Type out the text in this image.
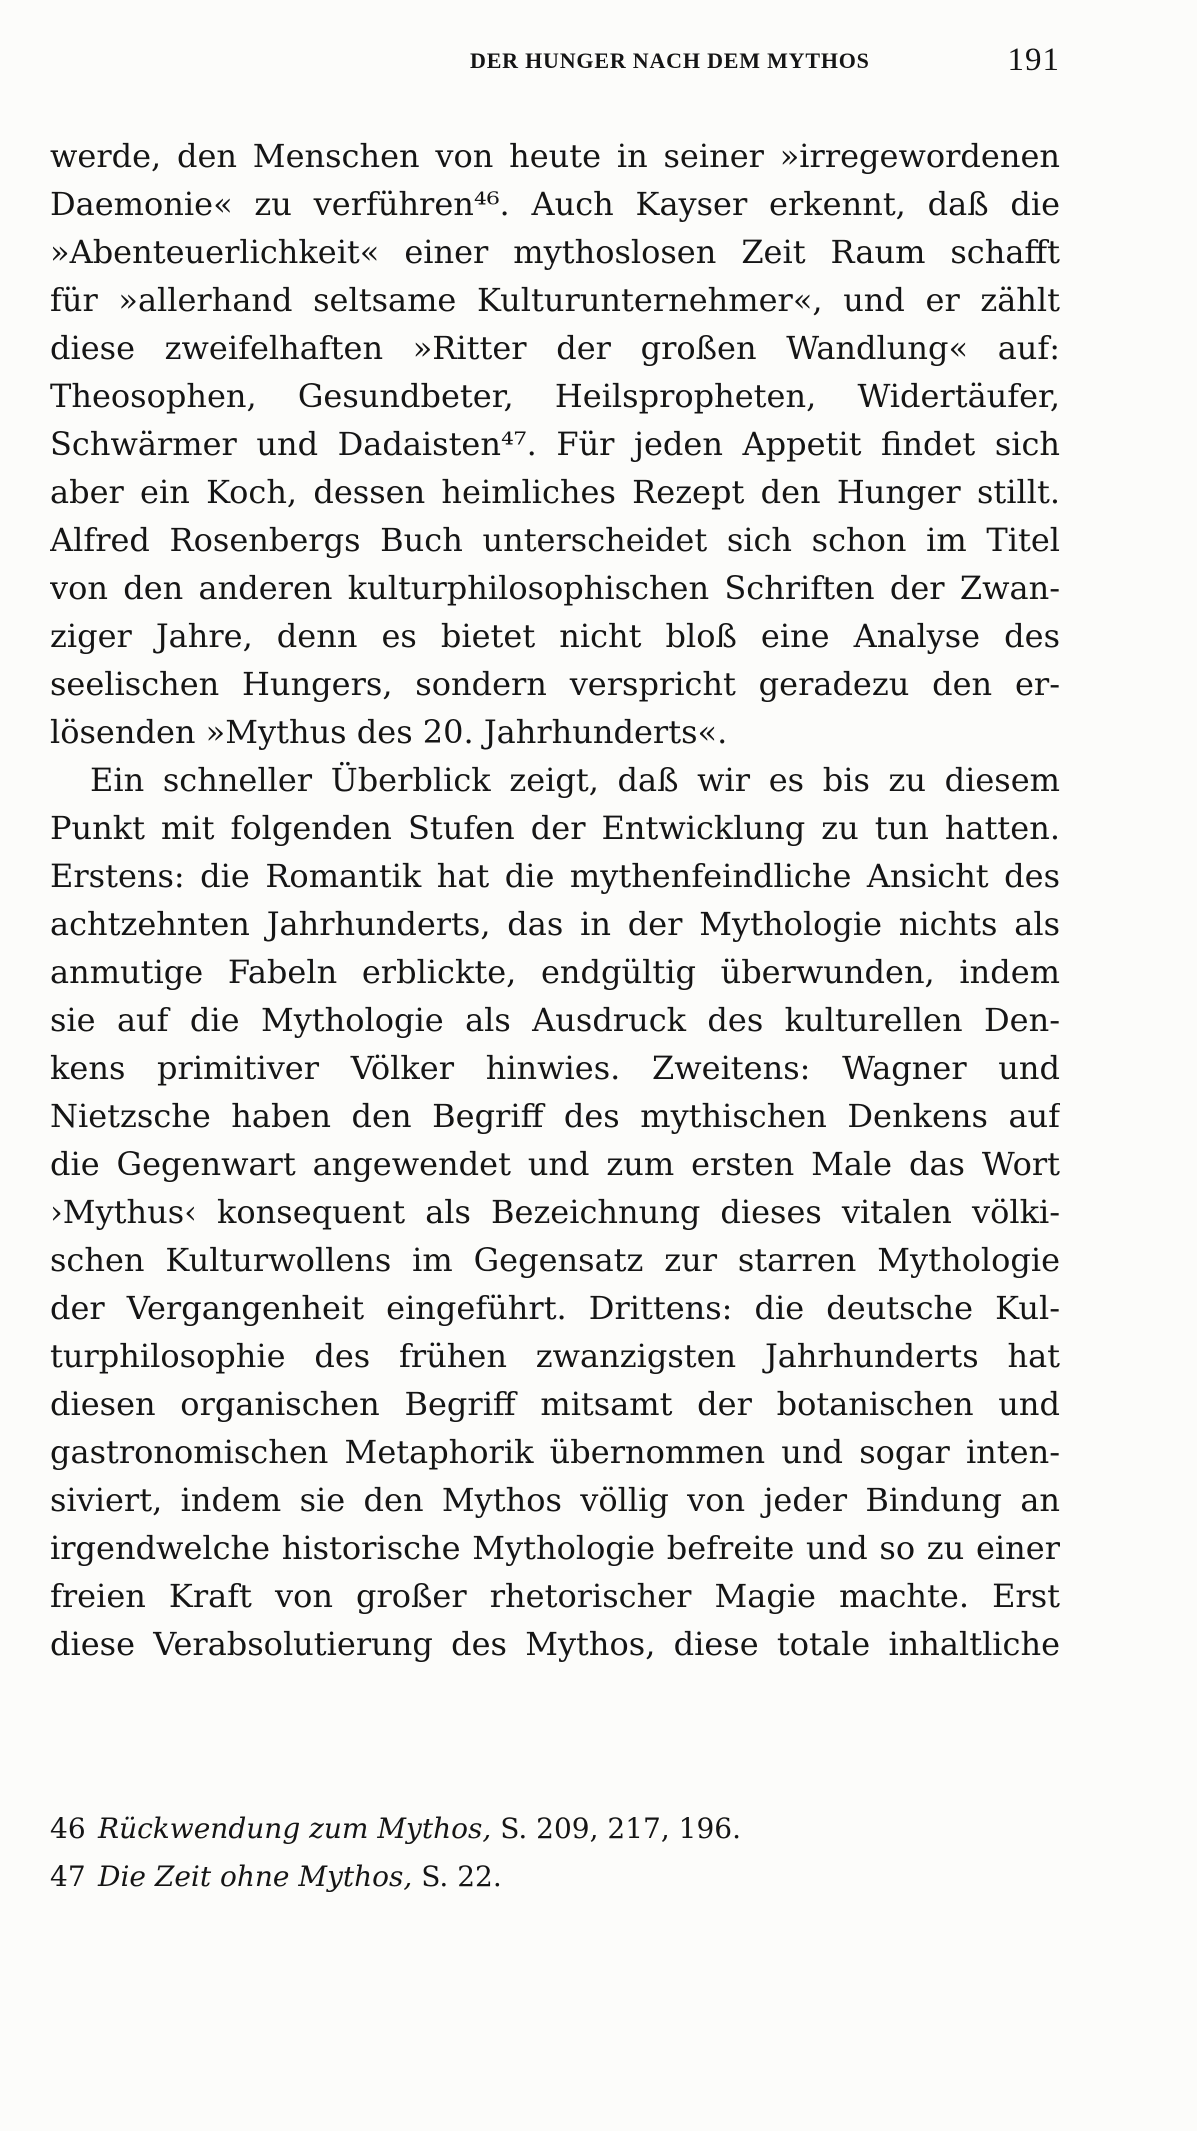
DER HUNGER NACH DEM MYTHOS	191
werde, den Menschen von heute in seiner »irregewordenen
Daemonie« zu verführen⁴⁶. Auch Kayser erkennt, daß die
»Abenteuerlichkeit« einer mythoslosen Zeit Raum schafft
für »allerhand seltsame Kulturunternehmer«, und er zählt
diese zweifelhaften »Ritter der großen Wandlung« auf:
Theosophen, Gesundbeter, Heilspropheten, Widertäufer,
Schwärmer und Dadaisten⁴⁷. Für jeden Appetit findet sich
aber ein Koch, dessen heimliches Rezept den Hunger stillt.
Alfred Rosenbergs Buch unterscheidet sich schon im Titel
von den anderen kulturphilosophischen Schriften der Zwan-
ziger Jahre, denn es bietet nicht bloß eine Analyse des
seelischen Hungers, sondern verspricht geradezu den er-
lösenden »Mythus des 20. Jahrhunderts«.
Ein schneller Überblick zeigt, daß wir es bis zu diesem
Punkt mit folgenden Stufen der Entwicklung zu tun hatten.
Erstens: die Romantik hat die mythenfeindliche Ansicht des
achtzehnten Jahrhunderts, das in der Mythologie nichts als
anmutige Fabeln erblickte, endgültig überwunden, indem
sie auf die Mythologie als Ausdruck des kulturellen Den-
kens primitiver Völker hinwies. Zweitens: Wagner und
Nietzsche haben den Begriff des mythischen Denkens auf
die Gegenwart angewendet und zum ersten Male das Wort
›Mythus‹ konsequent als Bezeichnung dieses vitalen völki-
schen Kulturwollens im Gegensatz zur starren Mythologie
der Vergangenheit eingeführt. Drittens: die deutsche Kul-
turphilosophie des frühen zwanzigsten Jahrhunderts hat
diesen organischen Begriff mitsamt der botanischen und
gastronomischen Metaphorik übernommen und sogar inten-
siviert, indem sie den Mythos völlig von jeder Bindung an
irgendwelche historische Mythologie befreite und so zu einer
freien Kraft von großer rhetorischer Magie machte. Erst
diese Verabsolutierung des Mythos, diese totale inhaltliche
46 Rückwendung zum Mythos, S. 209, 217, 196.
47 Die Zeit ohne Mythos, S. 22.
